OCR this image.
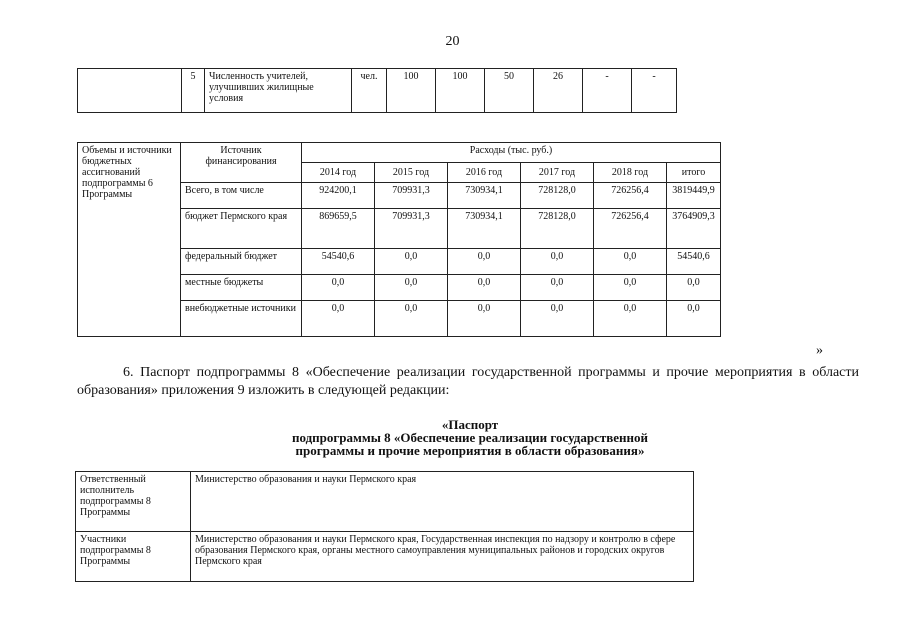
20
	5	Численность учителей, улучшивших жилищные условия	чел.	100	100	50	26	-	-
Объемы и источники бюджетных ассигнований подпрограммы 6 Программы	Источник финансирования	Расходы (тыс. руб.)					
		2014 год	2015 год	2016 год	2017 год	2018 год	итого
	Всего, в том числе	924200,1	709931,3	730934,1	728128,0	726256,4	3819449,9
	бюджет Пермского края	869659,5	709931,3	730934,1	728128,0	726256,4	3764909,3
	федеральный бюджет	54540,6	0,0	0,0	0,0	0,0	54540,6
	местные бюджеты	0,0	0,0	0,0	0,0	0,0	0,0
	внебюджетные источники	0,0	0,0	0,0	0,0	0,0	0,0
»
6. Паспорт подпрограммы 8 «Обеспечение реализации государственной программы и прочие мероприятия в области образования» приложения 9 изложить в следующей редакции:
«Паспорт
подпрограммы 8 «Обеспечение реализации государственной
программы и прочие мероприятия в области образования»
Ответственный исполнитель подпрограммы 8 Программы	Министерство образования и науки Пермского края
Участники подпрограммы 8 Программы	Министерство образования и науки Пермского края, Государственная инспекция по надзору и контролю в сфере образования Пермского края, органы местного самоуправления муниципальных районов и городских округов Пермского края
